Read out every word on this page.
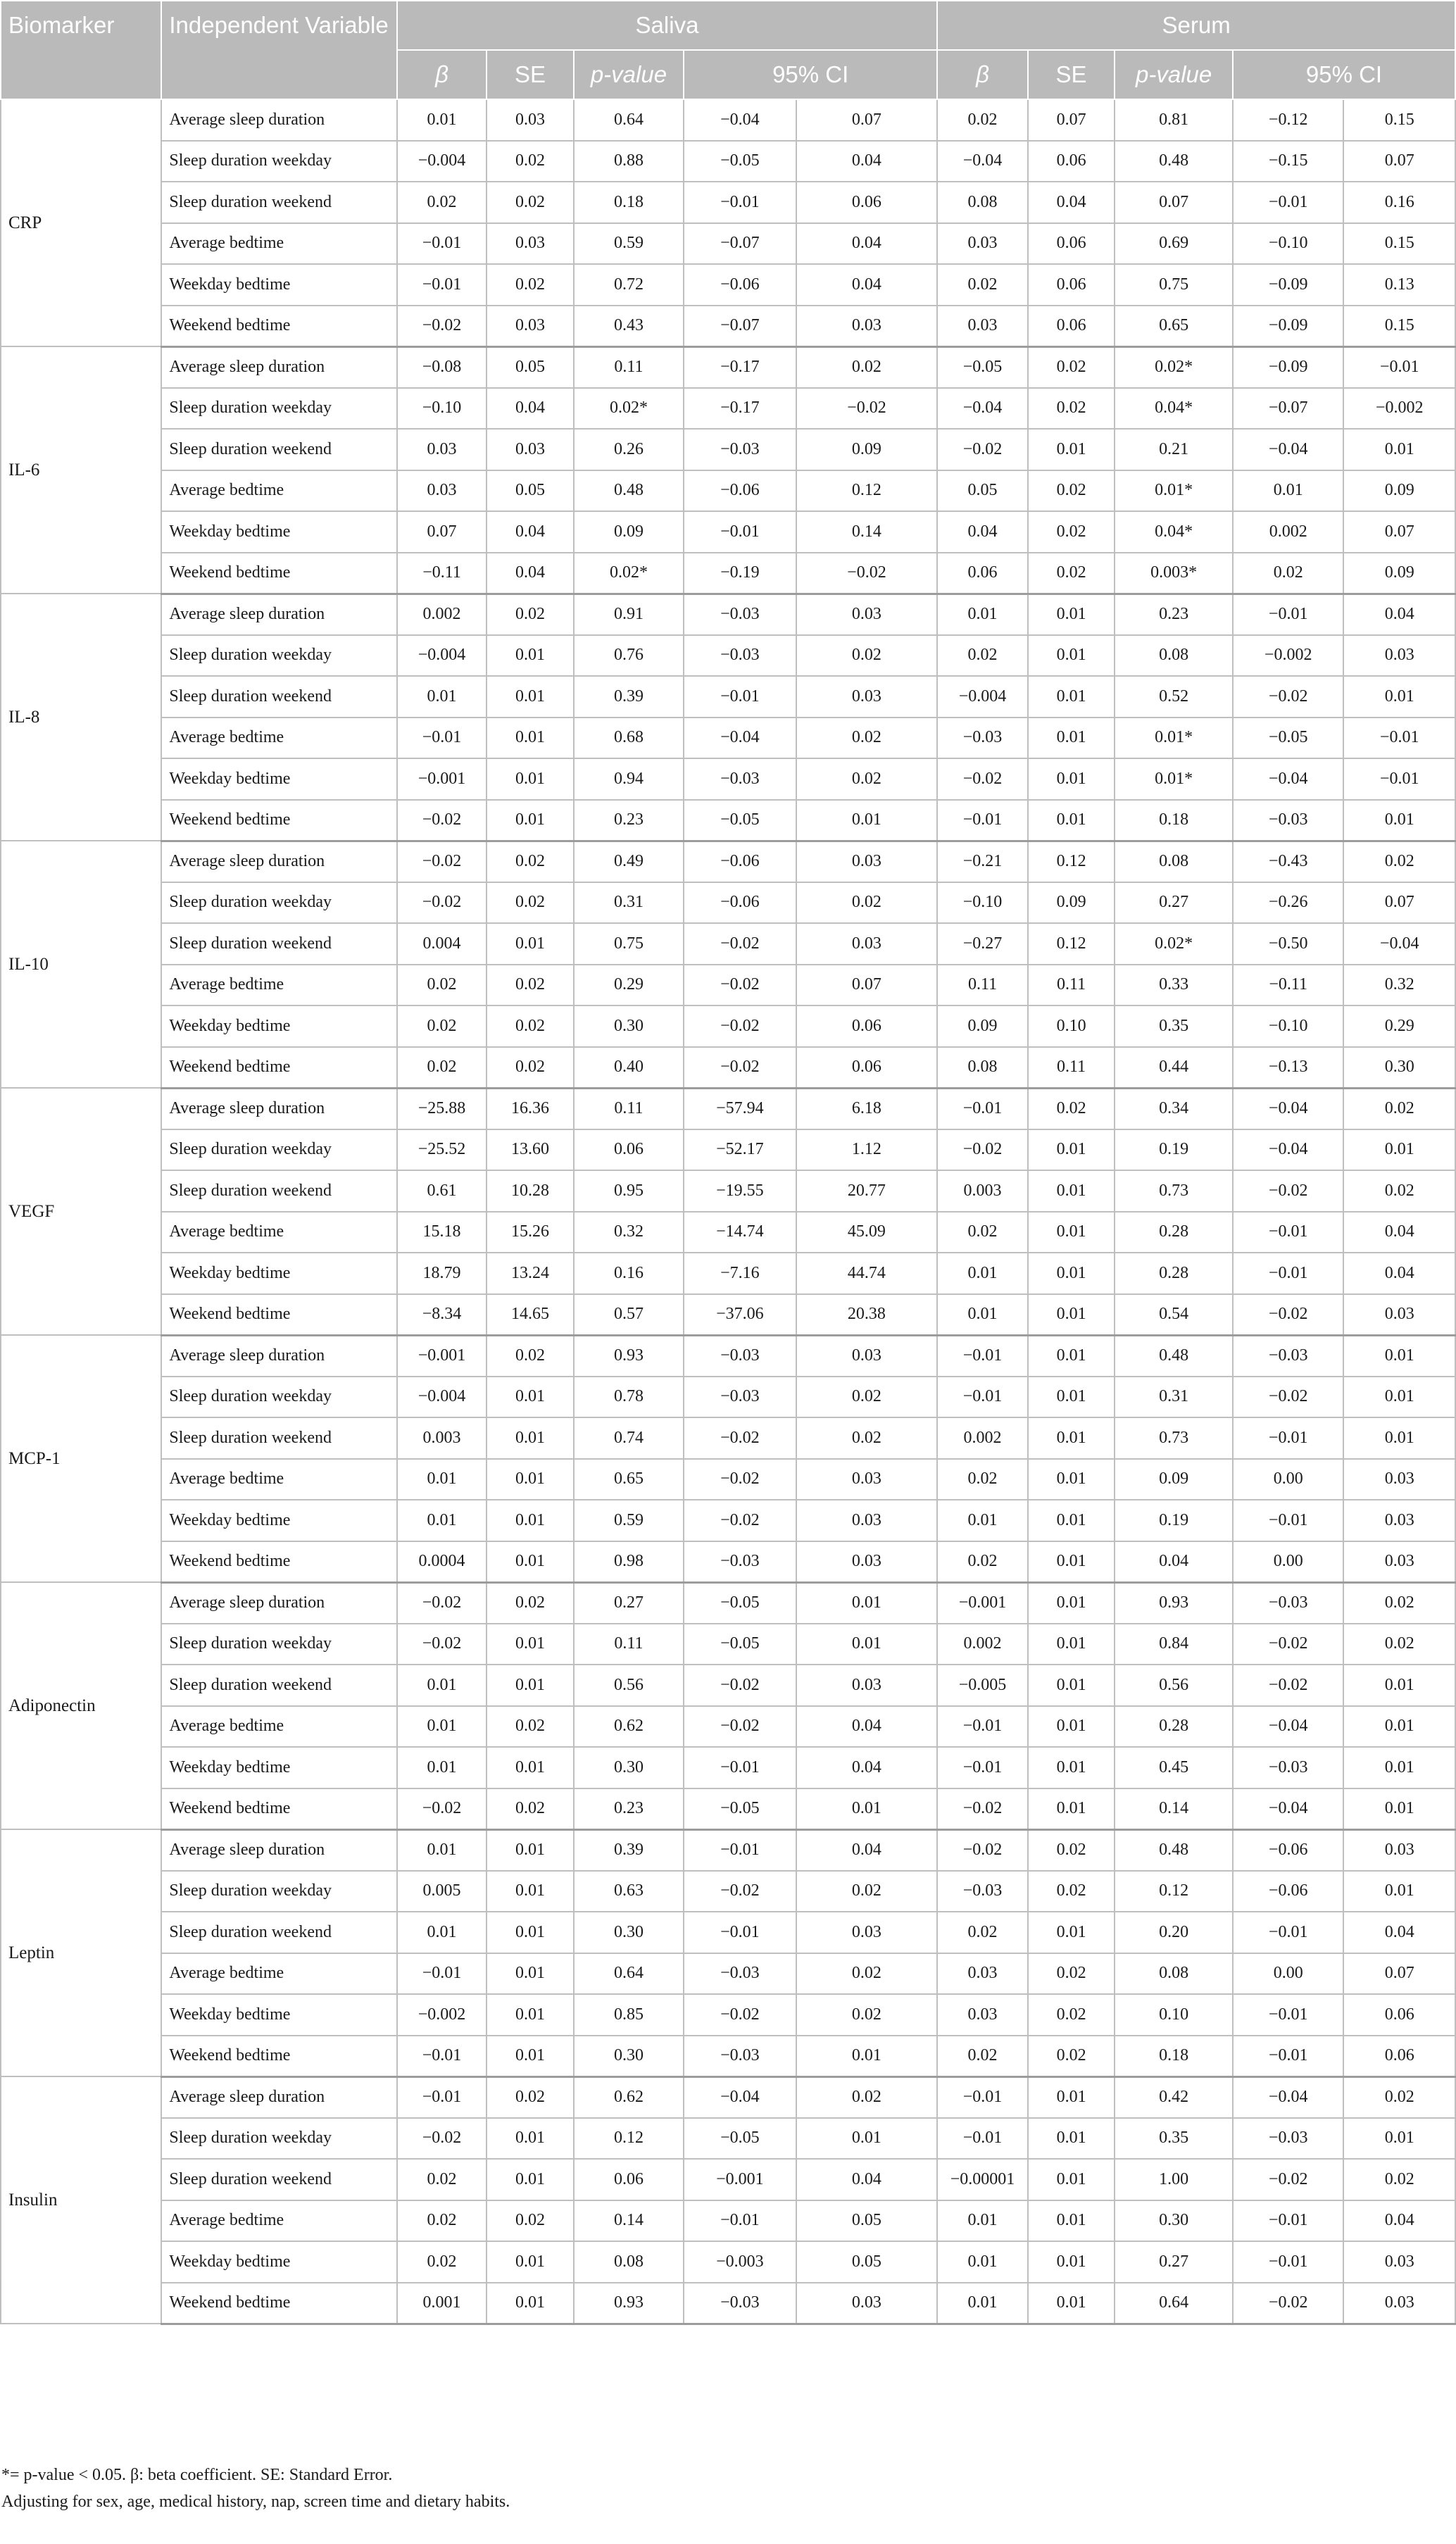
Biomarker	Independent Variable	Saliva					Serum				
		β	SE	p-value	95% CI		β	SE	p-value	95% CI	
CRP	Average sleep duration	0.01	0.03	0.64	−0.04	0.07	0.02	0.07	0.81	−0.12	0.15
	Sleep duration weekday	−0.004	0.02	0.88	−0.05	0.04	−0.04	0.06	0.48	−0.15	0.07
	Sleep duration weekend	0.02	0.02	0.18	−0.01	0.06	0.08	0.04	0.07	−0.01	0.16
	Average bedtime	−0.01	0.03	0.59	−0.07	0.04	0.03	0.06	0.69	−0.10	0.15
	Weekday bedtime	−0.01	0.02	0.72	−0.06	0.04	0.02	0.06	0.75	−0.09	0.13
	Weekend bedtime	−0.02	0.03	0.43	−0.07	0.03	0.03	0.06	0.65	−0.09	0.15
IL-6	Average sleep duration	−0.08	0.05	0.11	−0.17	0.02	−0.05	0.02	0.02*	−0.09	−0.01
	Sleep duration weekday	−0.10	0.04	0.02*	−0.17	−0.02	−0.04	0.02	0.04*	−0.07	−0.002
	Sleep duration weekend	0.03	0.03	0.26	−0.03	0.09	−0.02	0.01	0.21	−0.04	0.01
	Average bedtime	0.03	0.05	0.48	−0.06	0.12	0.05	0.02	0.01*	0.01	0.09
	Weekday bedtime	0.07	0.04	0.09	−0.01	0.14	0.04	0.02	0.04*	0.002	0.07
	Weekend bedtime	−0.11	0.04	0.02*	−0.19	−0.02	0.06	0.02	0.003*	0.02	0.09
IL-8	Average sleep duration	0.002	0.02	0.91	−0.03	0.03	0.01	0.01	0.23	−0.01	0.04
	Sleep duration weekday	−0.004	0.01	0.76	−0.03	0.02	0.02	0.01	0.08	−0.002	0.03
	Sleep duration weekend	0.01	0.01	0.39	−0.01	0.03	−0.004	0.01	0.52	−0.02	0.01
	Average bedtime	−0.01	0.01	0.68	−0.04	0.02	−0.03	0.01	0.01*	−0.05	−0.01
	Weekday bedtime	−0.001	0.01	0.94	−0.03	0.02	−0.02	0.01	0.01*	−0.04	−0.01
	Weekend bedtime	−0.02	0.01	0.23	−0.05	0.01	−0.01	0.01	0.18	−0.03	0.01
IL-10	Average sleep duration	−0.02	0.02	0.49	−0.06	0.03	−0.21	0.12	0.08	−0.43	0.02
	Sleep duration weekday	−0.02	0.02	0.31	−0.06	0.02	−0.10	0.09	0.27	−0.26	0.07
	Sleep duration weekend	0.004	0.01	0.75	−0.02	0.03	−0.27	0.12	0.02*	−0.50	−0.04
	Average bedtime	0.02	0.02	0.29	−0.02	0.07	0.11	0.11	0.33	−0.11	0.32
	Weekday bedtime	0.02	0.02	0.30	−0.02	0.06	0.09	0.10	0.35	−0.10	0.29
	Weekend bedtime	0.02	0.02	0.40	−0.02	0.06	0.08	0.11	0.44	−0.13	0.30
VEGF	Average sleep duration	−25.88	16.36	0.11	−57.94	6.18	−0.01	0.02	0.34	−0.04	0.02
	Sleep duration weekday	−25.52	13.60	0.06	−52.17	1.12	−0.02	0.01	0.19	−0.04	0.01
	Sleep duration weekend	0.61	10.28	0.95	−19.55	20.77	0.003	0.01	0.73	−0.02	0.02
	Average bedtime	15.18	15.26	0.32	−14.74	45.09	0.02	0.01	0.28	−0.01	0.04
	Weekday bedtime	18.79	13.24	0.16	−7.16	44.74	0.01	0.01	0.28	−0.01	0.04
	Weekend bedtime	−8.34	14.65	0.57	−37.06	20.38	0.01	0.01	0.54	−0.02	0.03
MCP-1	Average sleep duration	−0.001	0.02	0.93	−0.03	0.03	−0.01	0.01	0.48	−0.03	0.01
	Sleep duration weekday	−0.004	0.01	0.78	−0.03	0.02	−0.01	0.01	0.31	−0.02	0.01
	Sleep duration weekend	0.003	0.01	0.74	−0.02	0.02	0.002	0.01	0.73	−0.01	0.01
	Average bedtime	0.01	0.01	0.65	−0.02	0.03	0.02	0.01	0.09	0.00	0.03
	Weekday bedtime	0.01	0.01	0.59	−0.02	0.03	0.01	0.01	0.19	−0.01	0.03
	Weekend bedtime	0.0004	0.01	0.98	−0.03	0.03	0.02	0.01	0.04	0.00	0.03
Adiponectin	Average sleep duration	−0.02	0.02	0.27	−0.05	0.01	−0.001	0.01	0.93	−0.03	0.02
	Sleep duration weekday	−0.02	0.01	0.11	−0.05	0.01	0.002	0.01	0.84	−0.02	0.02
	Sleep duration weekend	0.01	0.01	0.56	−0.02	0.03	−0.005	0.01	0.56	−0.02	0.01
	Average bedtime	0.01	0.02	0.62	−0.02	0.04	−0.01	0.01	0.28	−0.04	0.01
	Weekday bedtime	0.01	0.01	0.30	−0.01	0.04	−0.01	0.01	0.45	−0.03	0.01
	Weekend bedtime	−0.02	0.02	0.23	−0.05	0.01	−0.02	0.01	0.14	−0.04	0.01
Leptin	Average sleep duration	0.01	0.01	0.39	−0.01	0.04	−0.02	0.02	0.48	−0.06	0.03
	Sleep duration weekday	0.005	0.01	0.63	−0.02	0.02	−0.03	0.02	0.12	−0.06	0.01
	Sleep duration weekend	0.01	0.01	0.30	−0.01	0.03	0.02	0.01	0.20	−0.01	0.04
	Average bedtime	−0.01	0.01	0.64	−0.03	0.02	0.03	0.02	0.08	0.00	0.07
	Weekday bedtime	−0.002	0.01	0.85	−0.02	0.02	0.03	0.02	0.10	−0.01	0.06
	Weekend bedtime	−0.01	0.01	0.30	−0.03	0.01	0.02	0.02	0.18	−0.01	0.06
Insulin	Average sleep duration	−0.01	0.02	0.62	−0.04	0.02	−0.01	0.01	0.42	−0.04	0.02
	Sleep duration weekday	−0.02	0.01	0.12	−0.05	0.01	−0.01	0.01	0.35	−0.03	0.01
	Sleep duration weekend	0.02	0.01	0.06	−0.001	0.04	−0.00001	0.01	1.00	−0.02	0.02
	Average bedtime	0.02	0.02	0.14	−0.01	0.05	0.01	0.01	0.30	−0.01	0.04
	Weekday bedtime	0.02	0.01	0.08	−0.003	0.05	0.01	0.01	0.27	−0.01	0.03
	Weekend bedtime	0.001	0.01	0.93	−0.03	0.03	0.01	0.01	0.64	−0.02	0.03

*= p-value < 0.05. β: beta coefficient. SE: Standard Error.

Adjusting for sex, age, medical history, nap, screen time and dietary habits.
